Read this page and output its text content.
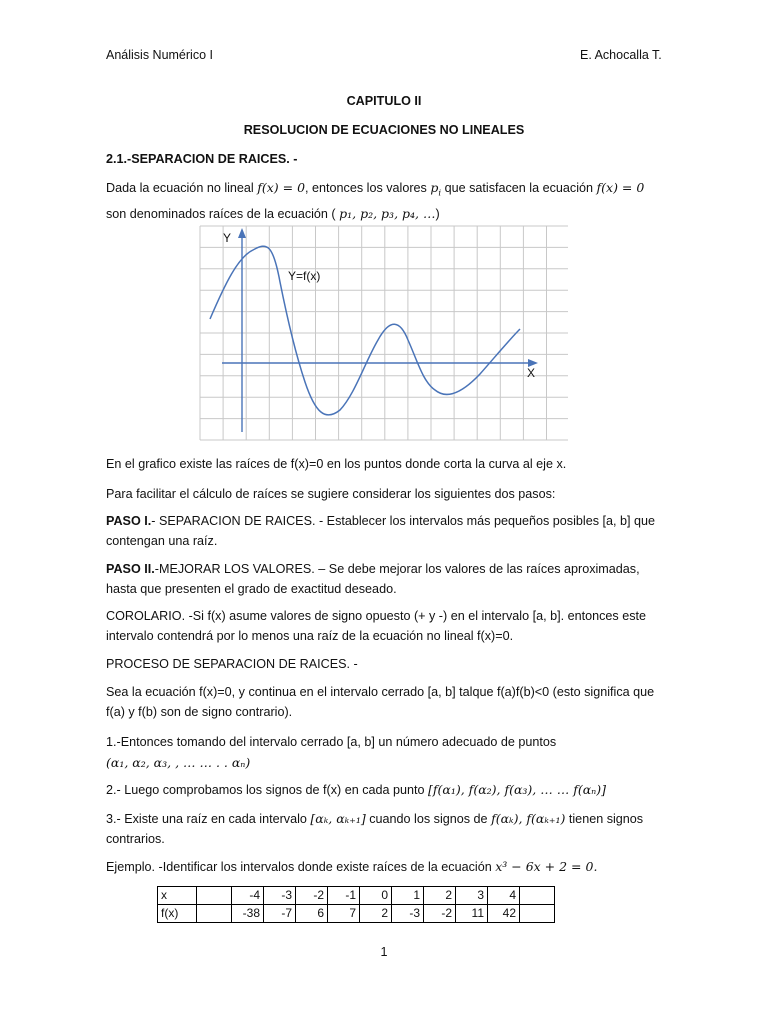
Análisis Numérico I	E. Achocalla T.
CAPITULO II
RESOLUCION DE ECUACIONES NO LINEALES
2.1.-SEPARACION DE RAICES. -

Dada la ecuación no lineal f(x) = 0, entonces los valores $p_i$ que satisfacen la ecuación f(x) = 0
son denominados raíces de la ecuación ( p₁, p₂, p₃, p₄, …)

Y
X
Y=f(x)

En el grafico existe las raíces de f(x)=0 en los puntos donde corta la curva al eje x.

Para facilitar el cálculo de raíces se sugiere considerar los siguientes dos pasos:

PASO I.- SEPARACION DE RAICES. - Establecer los intervalos más pequeños posibles [a, b] que contengan una raíz.

PASO II.-MEJORAR LOS VALORES. – Se debe mejorar los valores de las raíces aproximadas, hasta que presenten el grado de exactitud deseado.

COROLARIO. -Si f(x) asume valores de signo opuesto (+ y -) en el intervalo [a, b]. entonces este intervalo contendrá por lo menos una raíz de la ecuación no lineal f(x)=0.

PROCESO DE SEPARACION DE RAICES. -

Sea la ecuación f(x)=0, y continua en el intervalo cerrado [a, b] talque f(a)f(b)<0 (esto significa que f(a) y f(b) son de signo contrario).

1.-Entonces tomando del intervalo cerrado [a, b] un número adecuado de puntos
(α₁, α₂, α₃, , … … . . αₙ)

2.- Luego comprobamos los signos de f(x) en cada punto [f(α₁), f(α₂), f(α₃), … … f(αₙ)]

3.- Existe una raíz en cada intervalo [αₖ, αₖ₊₁] cuando los signos de f(αₖ), f(αₖ₊₁) tienen signos contrarios.

Ejemplo. -Identificar los intervalos donde existe raíces de la ecuación x³ − 6x + 2 = 0.

x		-4	-3	-2	-1	0	1	2	3	4	
f(x)		-38	-7	6	7	2	-3	-2	11	42	
1
